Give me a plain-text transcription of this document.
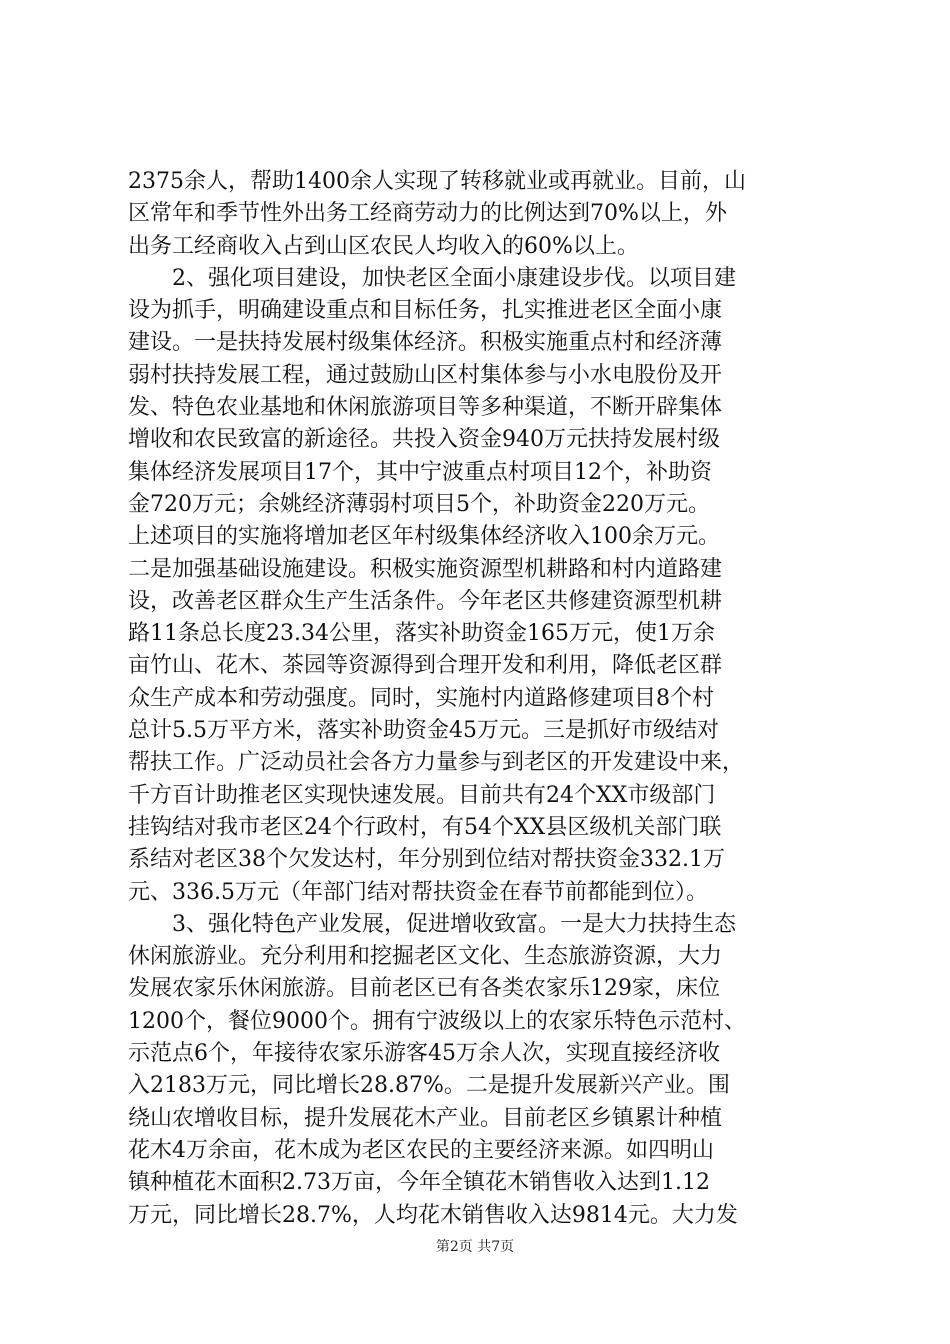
2375余人，帮助1400余人实现了转移就业或再就业。目前，山
区常年和季节性外出务工经商劳动力的比例达到70%以上，外
出务工经商收入占到山区农民人均收入的60%以上。
　　2、强化项目建设，加快老区全面小康建设步伐。以项目建
设为抓手，明确建设重点和目标任务，扎实推进老区全面小康
建设。一是扶持发展村级集体经济。积极实施重点村和经济薄
弱村扶持发展工程，通过鼓励山区村集体参与小水电股份及开
发、特色农业基地和休闲旅游项目等多种渠道，不断开辟集体
增收和农民致富的新途径。共投入资金940万元扶持发展村级
集体经济发展项目17个，其中宁波重点村项目12个，补助资
金720万元；余姚经济薄弱村项目5个，补助资金220万元。
上述项目的实施将增加老区年村级集体经济收入100余万元。
二是加强基础设施建设。积极实施资源型机耕路和村内道路建
设，改善老区群众生产生活条件。今年老区共修建资源型机耕
路11条总长度23.34公里，落实补助资金165万元，使1万余
亩竹山、花木、茶园等资源得到合理开发和利用，降低老区群
众生产成本和劳动强度。同时，实施村内道路修建项目8个村
总计5.5万平方米，落实补助资金45万元。三是抓好市级结对
帮扶工作。广泛动员社会各方力量参与到老区的开发建设中来，
千方百计助推老区实现快速发展。目前共有24个XX市级部门
挂钩结对我市老区24个行政村，有54个XX县区级机关部门联
系结对老区38个欠发达村，年分别到位结对帮扶资金332.1万
元、336.5万元（年部门结对帮扶资金在春节前都能到位）。
　　3、强化特色产业发展，促进增收致富。一是大力扶持生态
休闲旅游业。充分利用和挖掘老区文化、生态旅游资源，大力
发展农家乐休闲旅游。目前老区已有各类农家乐129家，床位
1200个，餐位9000个。拥有宁波级以上的农家乐特色示范村、
示范点6个，年接待农家乐游客45万余人次，实现直接经济收
入2183万元，同比增长28.87%。二是提升发展新兴产业。围
绕山农增收目标，提升发展花木产业。目前老区乡镇累计种植
花木4万余亩，花木成为老区农民的主要经济来源。如四明山
镇种植花木面积2.73万亩，今年全镇花木销售收入达到1.12
万元，同比增长28.7%，人均花木销售收入达9814元。大力发
第2页 共7页
